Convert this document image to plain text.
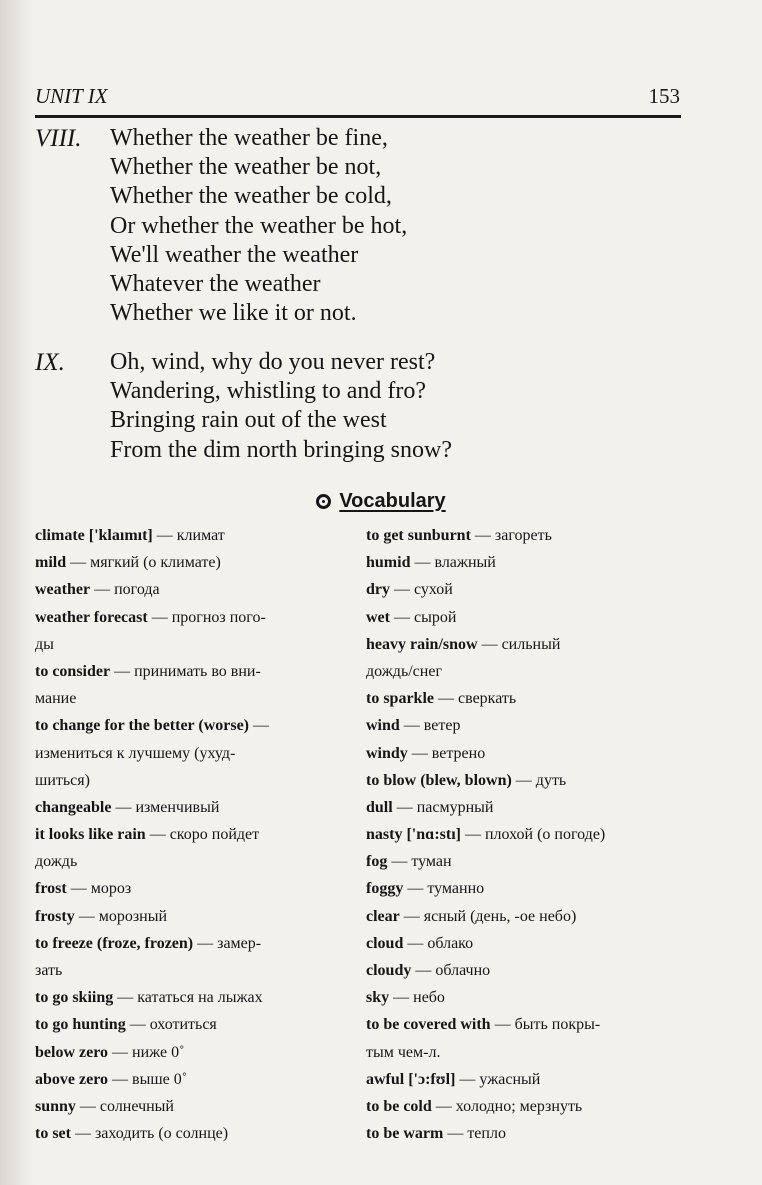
UNIT IX	153
VIII. Whether the weather be fine,
Whether the weather be not,
Whether the weather be cold,
Or whether the weather be hot,
We'll weather the weather
Whatever the weather
Whether we like it or not.
IX. Oh, wind, why do you never rest?
Wandering, whistling to and fro?
Bringing rain out of the west
From the dim north bringing snow?
Vocabulary
climate ['klaımıt] — климат
mild — мягкий (о климате)
weather — погода
weather forecast — прогноз пого-
ды
to consider — принимать во вни-
мание
to change for the better (worse) —
измениться к лучшему (ухуд-
шиться)
changeable — изменчивый
it looks like rain — скоро пойдет
дождь
frost — мороз
frosty — морозный
to freeze (froze, frozen) — замер-
зать
to go skiing — кататься на лыжах
to go hunting — охотиться
below zero — ниже 0˚
above zero — выше 0˚
sunny — солнечный
to set — заходить (о солнце)
to get sunburnt — загореть
humid — влажный
dry — сухой
wet — сырой
heavy rain/snow — сильный
дождь/снег
to sparkle — сверкать
wind — ветер
windy — ветрено
to blow (blew, blown) — дуть
dull — пасмурный
nasty ['nɑ:stı] — плохой (о погоде)
fog — туман
foggy — туманно
clear — ясный (день, -ое небо)
cloud — облако
cloudy — облачно
sky — небо
to be covered with — быть покры-
тым чем-л.
awful ['ɔ:fʊl] — ужасный
to be cold — холодно; мерзнуть
to be warm — тепло
